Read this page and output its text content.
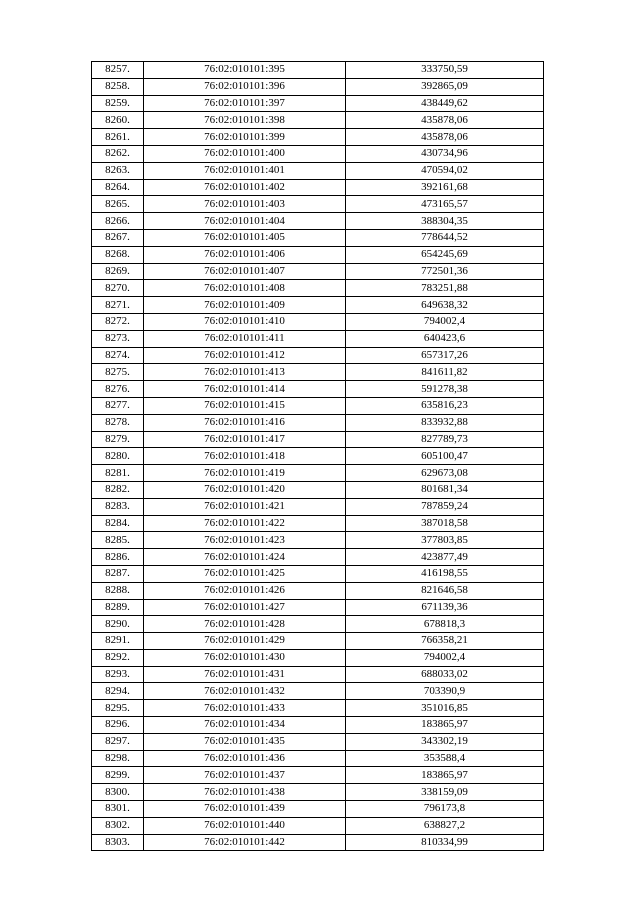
8257.	76:02:010101:395	333750,59
8258.	76:02:010101:396	392865,09
8259.	76:02:010101:397	438449,62
8260.	76:02:010101:398	435878,06
8261.	76:02:010101:399	435878,06
8262.	76:02:010101:400	430734,96
8263.	76:02:010101:401	470594,02
8264.	76:02:010101:402	392161,68
8265.	76:02:010101:403	473165,57
8266.	76:02:010101:404	388304,35
8267.	76:02:010101:405	778644,52
8268.	76:02:010101:406	654245,69
8269.	76:02:010101:407	772501,36
8270.	76:02:010101:408	783251,88
8271.	76:02:010101:409	649638,32
8272.	76:02:010101:410	794002,4
8273.	76:02:010101:411	640423,6
8274.	76:02:010101:412	657317,26
8275.	76:02:010101:413	841611,82
8276.	76:02:010101:414	591278,38
8277.	76:02:010101:415	635816,23
8278.	76:02:010101:416	833932,88
8279.	76:02:010101:417	827789,73
8280.	76:02:010101:418	605100,47
8281.	76:02:010101:419	629673,08
8282.	76:02:010101:420	801681,34
8283.	76:02:010101:421	787859,24
8284.	76:02:010101:422	387018,58
8285.	76:02:010101:423	377803,85
8286.	76:02:010101:424	423877,49
8287.	76:02:010101:425	416198,55
8288.	76:02:010101:426	821646,58
8289.	76:02:010101:427	671139,36
8290.	76:02:010101:428	678818,3
8291.	76:02:010101:429	766358,21
8292.	76:02:010101:430	794002,4
8293.	76:02:010101:431	688033,02
8294.	76:02:010101:432	703390,9
8295.	76:02:010101:433	351016,85
8296.	76:02:010101:434	183865,97
8297.	76:02:010101:435	343302,19
8298.	76:02:010101:436	353588,4
8299.	76:02:010101:437	183865,97
8300.	76:02:010101:438	338159,09
8301.	76:02:010101:439	796173,8
8302.	76:02:010101:440	638827,2
8303.	76:02:010101:442	810334,99
